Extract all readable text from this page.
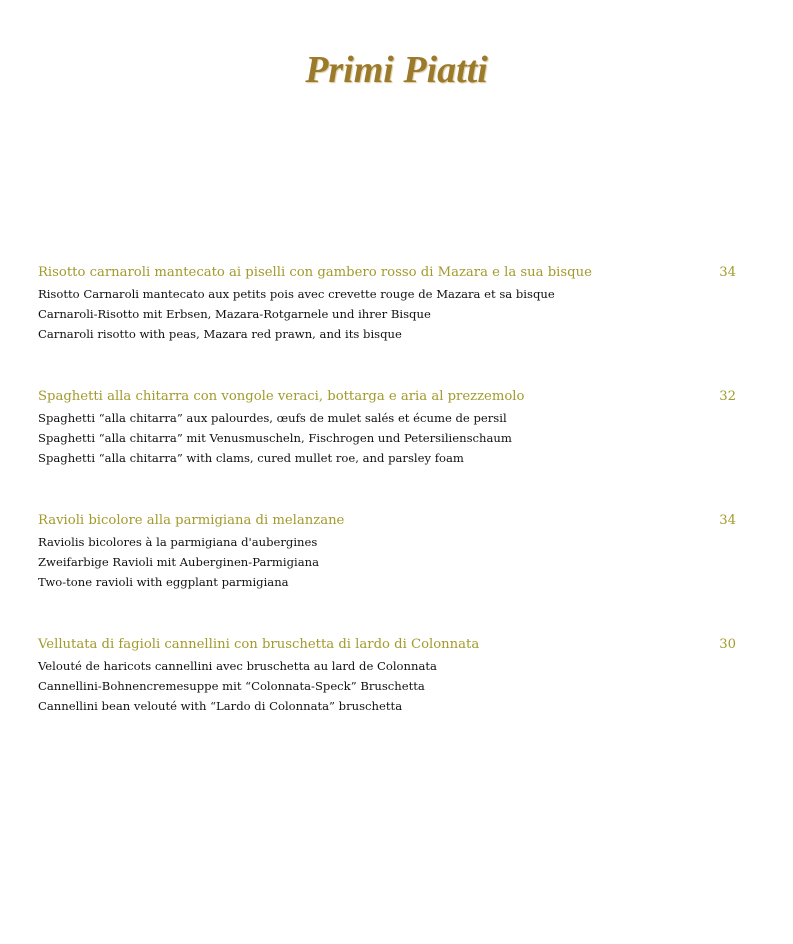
Primi Piatti
Risotto carnaroli mantecato ai piselli con gambero rosso di Mazara e la sua bisque	34
Risotto Carnaroli mantecato aux petits pois avec crevette rouge de Mazara et sa bisque
Carnaroli-Risotto mit Erbsen, Mazara-Rotgarnele und ihrer Bisque
Carnaroli risotto with peas, Mazara red prawn, and its bisque
Spaghetti alla chitarra con vongole veraci, bottarga e aria al prezzemolo	32
Spaghetti “alla chitarra” aux palourdes, œufs de mulet salés et écume de persil
Spaghetti “alla chitarra” mit Venusmuscheln, Fischrogen und Petersilienschaum
Spaghetti “alla chitarra” with clams, cured mullet roe, and parsley foam
Ravioli bicolore alla parmigiana di melanzane	34
Raviolis bicolores à la parmigiana d'aubergines
Zweifarbige Ravioli mit Auberginen-Parmigiana
Two-tone ravioli with eggplant parmigiana
Vellutata di fagioli cannellini con bruschetta di lardo di Colonnata	30
Velouté de haricots cannellini avec bruschetta au lard de Colonnata
Cannellini-Bohnencremesuppe mit “Colonnata-Speck” Bruschetta
Cannellini bean velouté with “Lardo di Colonnata” bruschetta
